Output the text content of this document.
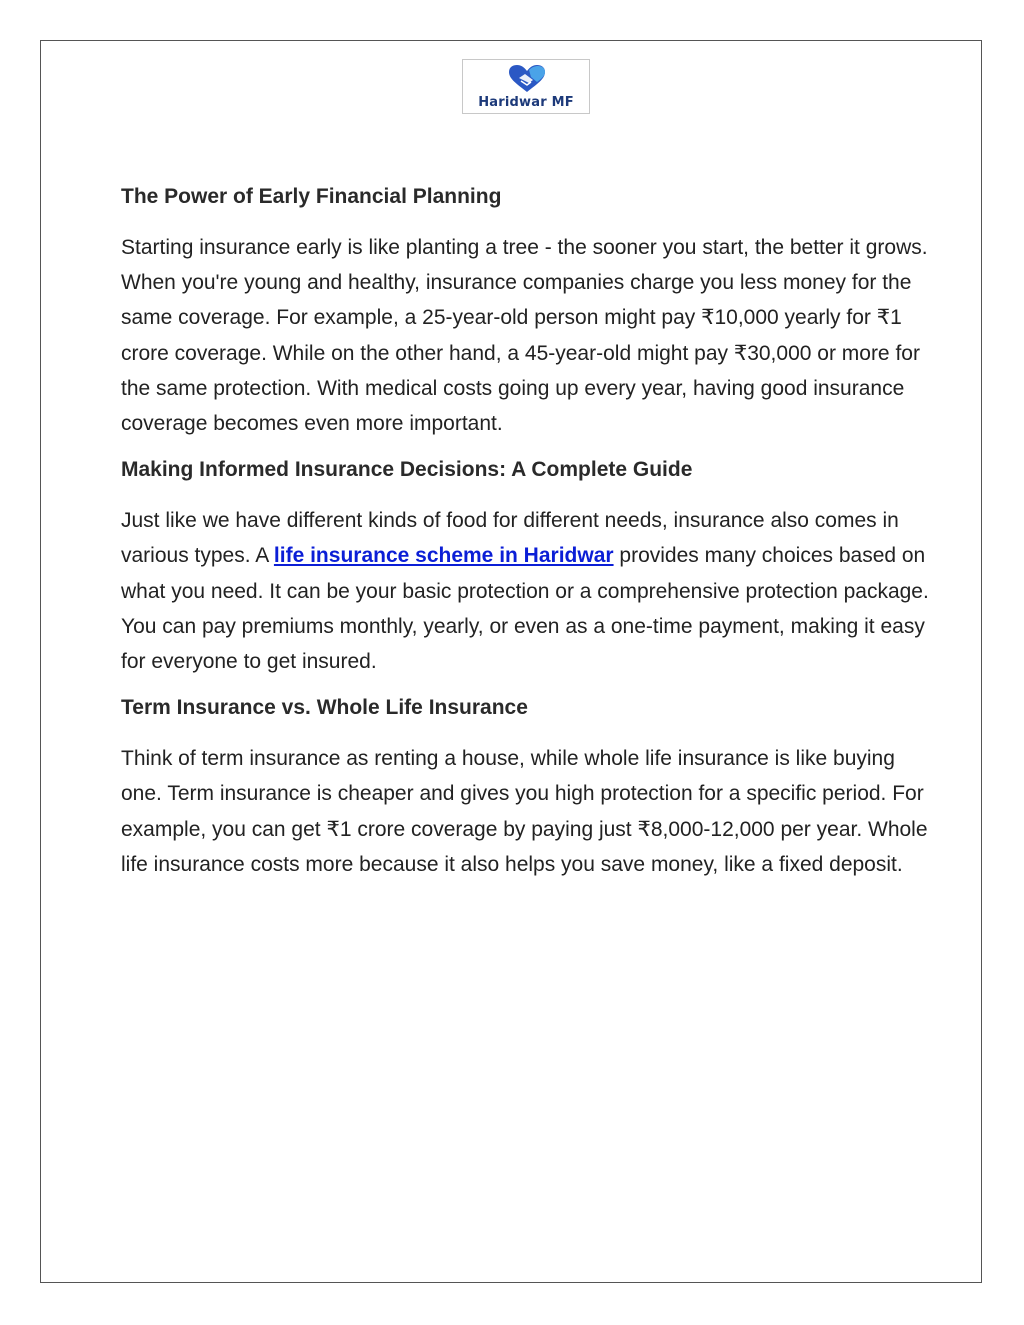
Haridwar MF
The Power of Early Financial Planning

Starting insurance early is like planting a tree - the sooner you start, the better it grows. When you're young and healthy, insurance companies charge you less money for the same coverage. For example, a 25-year-old person might pay ₹10,000 yearly for ₹1 crore coverage. While on the other hand, a 45-year-old might pay ₹30,000 or more for the same protection. With medical costs going up every year, having good insurance coverage becomes even more important.

Making Informed Insurance Decisions: A Complete Guide

Just like we have different kinds of food for different needs, insurance also comes in various types. A life insurance scheme in Haridwar provides many choices based on what you need. It can be your basic protection or a comprehensive protection package. You can pay premiums monthly, yearly, or even as a one-time payment, making it easy for everyone to get insured.

Term Insurance vs. Whole Life Insurance

Think of term insurance as renting a house, while whole life insurance is like buying one. Term insurance is cheaper and gives you high protection for a specific period. For example, you can get ₹1 crore coverage by paying just ₹8,000-12,000 per year. Whole life insurance costs more because it also helps you save money, like a fixed deposit.
